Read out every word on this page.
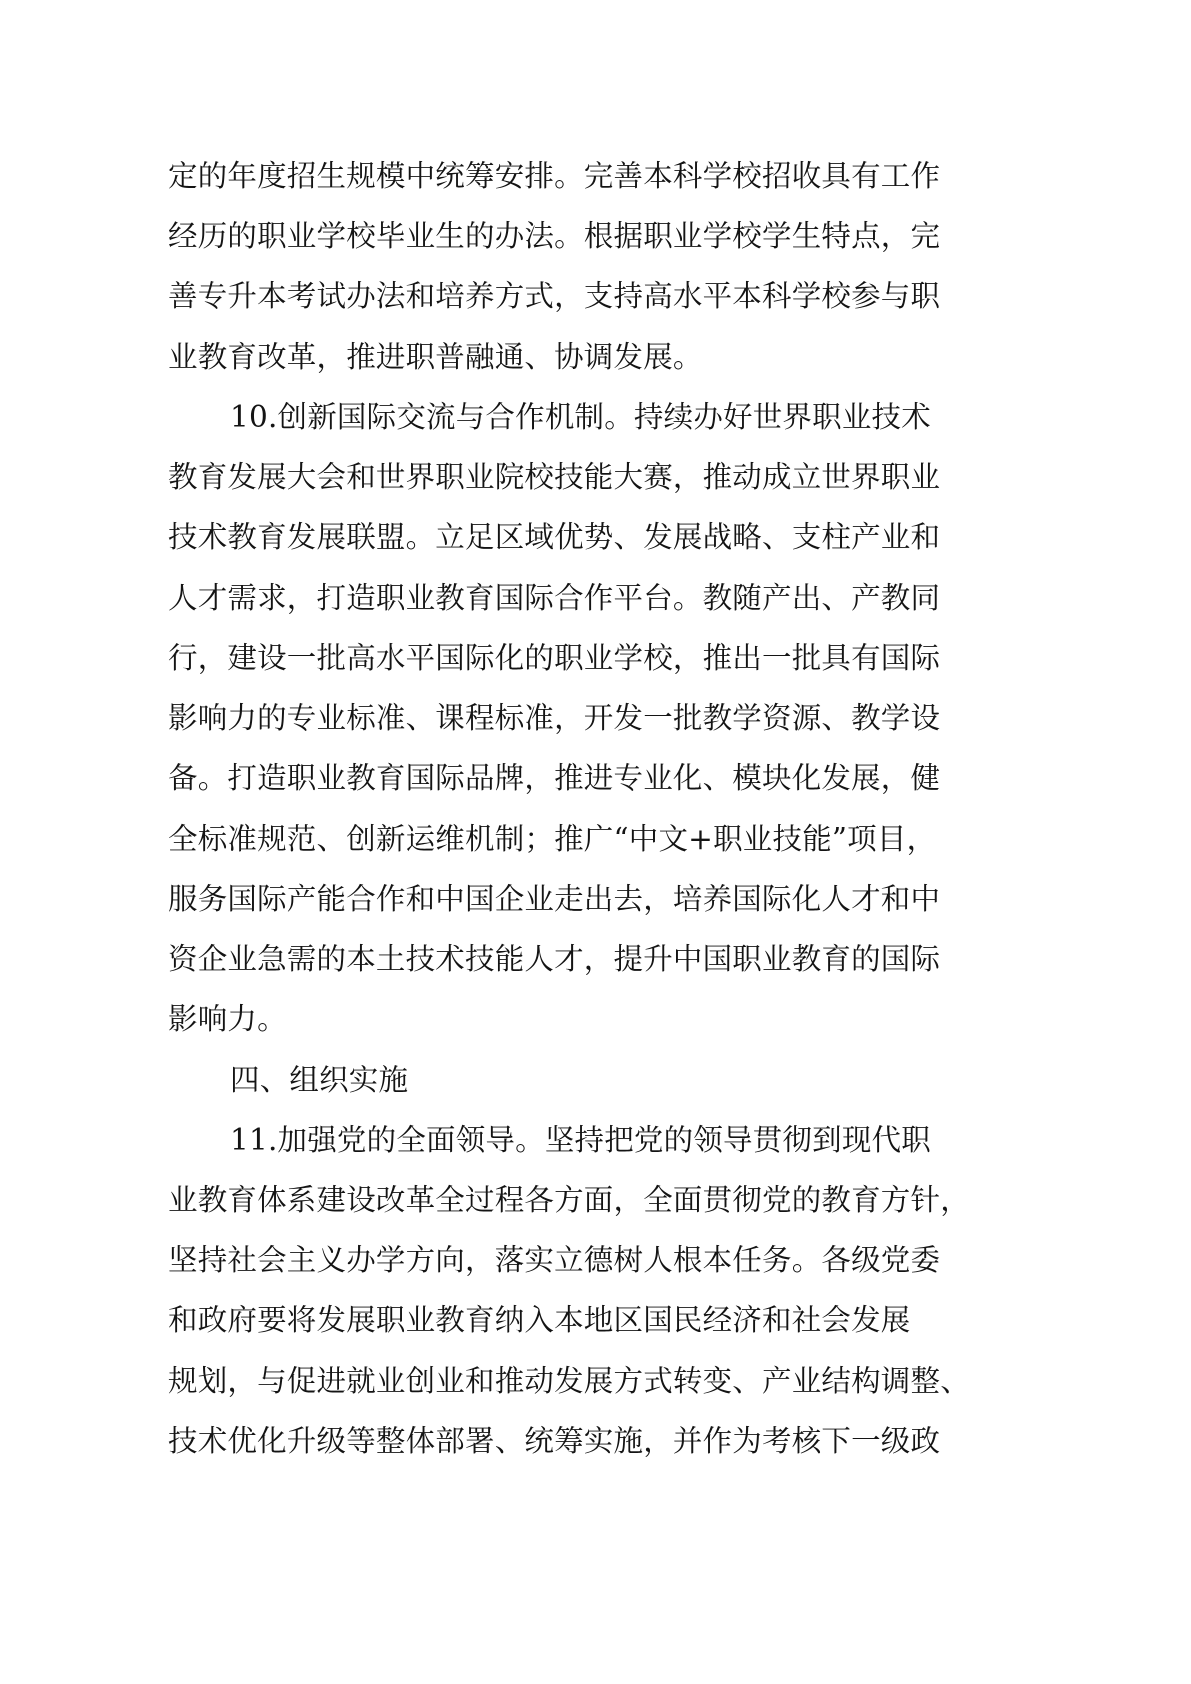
定的年度招生规模中统筹安排。完善本科学校招收具有工作
经历的职业学校毕业生的办法。根据职业学校学生特点，完
善专升本考试办法和培养方式，支持高水平本科学校参与职
业教育改革，推进职普融通、协调发展。
10.创新国际交流与合作机制。持续办好世界职业技术
教育发展大会和世界职业院校技能大赛，推动成立世界职业
技术教育发展联盟。立足区域优势、发展战略、支柱产业和
人才需求，打造职业教育国际合作平台。教随产出、产教同
行，建设一批高水平国际化的职业学校，推出一批具有国际
影响力的专业标准、课程标准，开发一批教学资源、教学设
备。打造职业教育国际品牌，推进专业化、模块化发展，健
全标准规范、创新运维机制；推广“中文+职业技能”项目，
服务国际产能合作和中国企业走出去，培养国际化人才和中
资企业急需的本土技术技能人才，提升中国职业教育的国际
影响力。
四、组织实施
11.加强党的全面领导。坚持把党的领导贯彻到现代职
业教育体系建设改革全过程各方面，全面贯彻党的教育方针，
坚持社会主义办学方向，落实立德树人根本任务。各级党委
和政府要将发展职业教育纳入本地区国民经济和社会发展
规划，与促进就业创业和推动发展方式转变、产业结构调整、
技术优化升级等整体部署、统筹实施，并作为考核下一级政
